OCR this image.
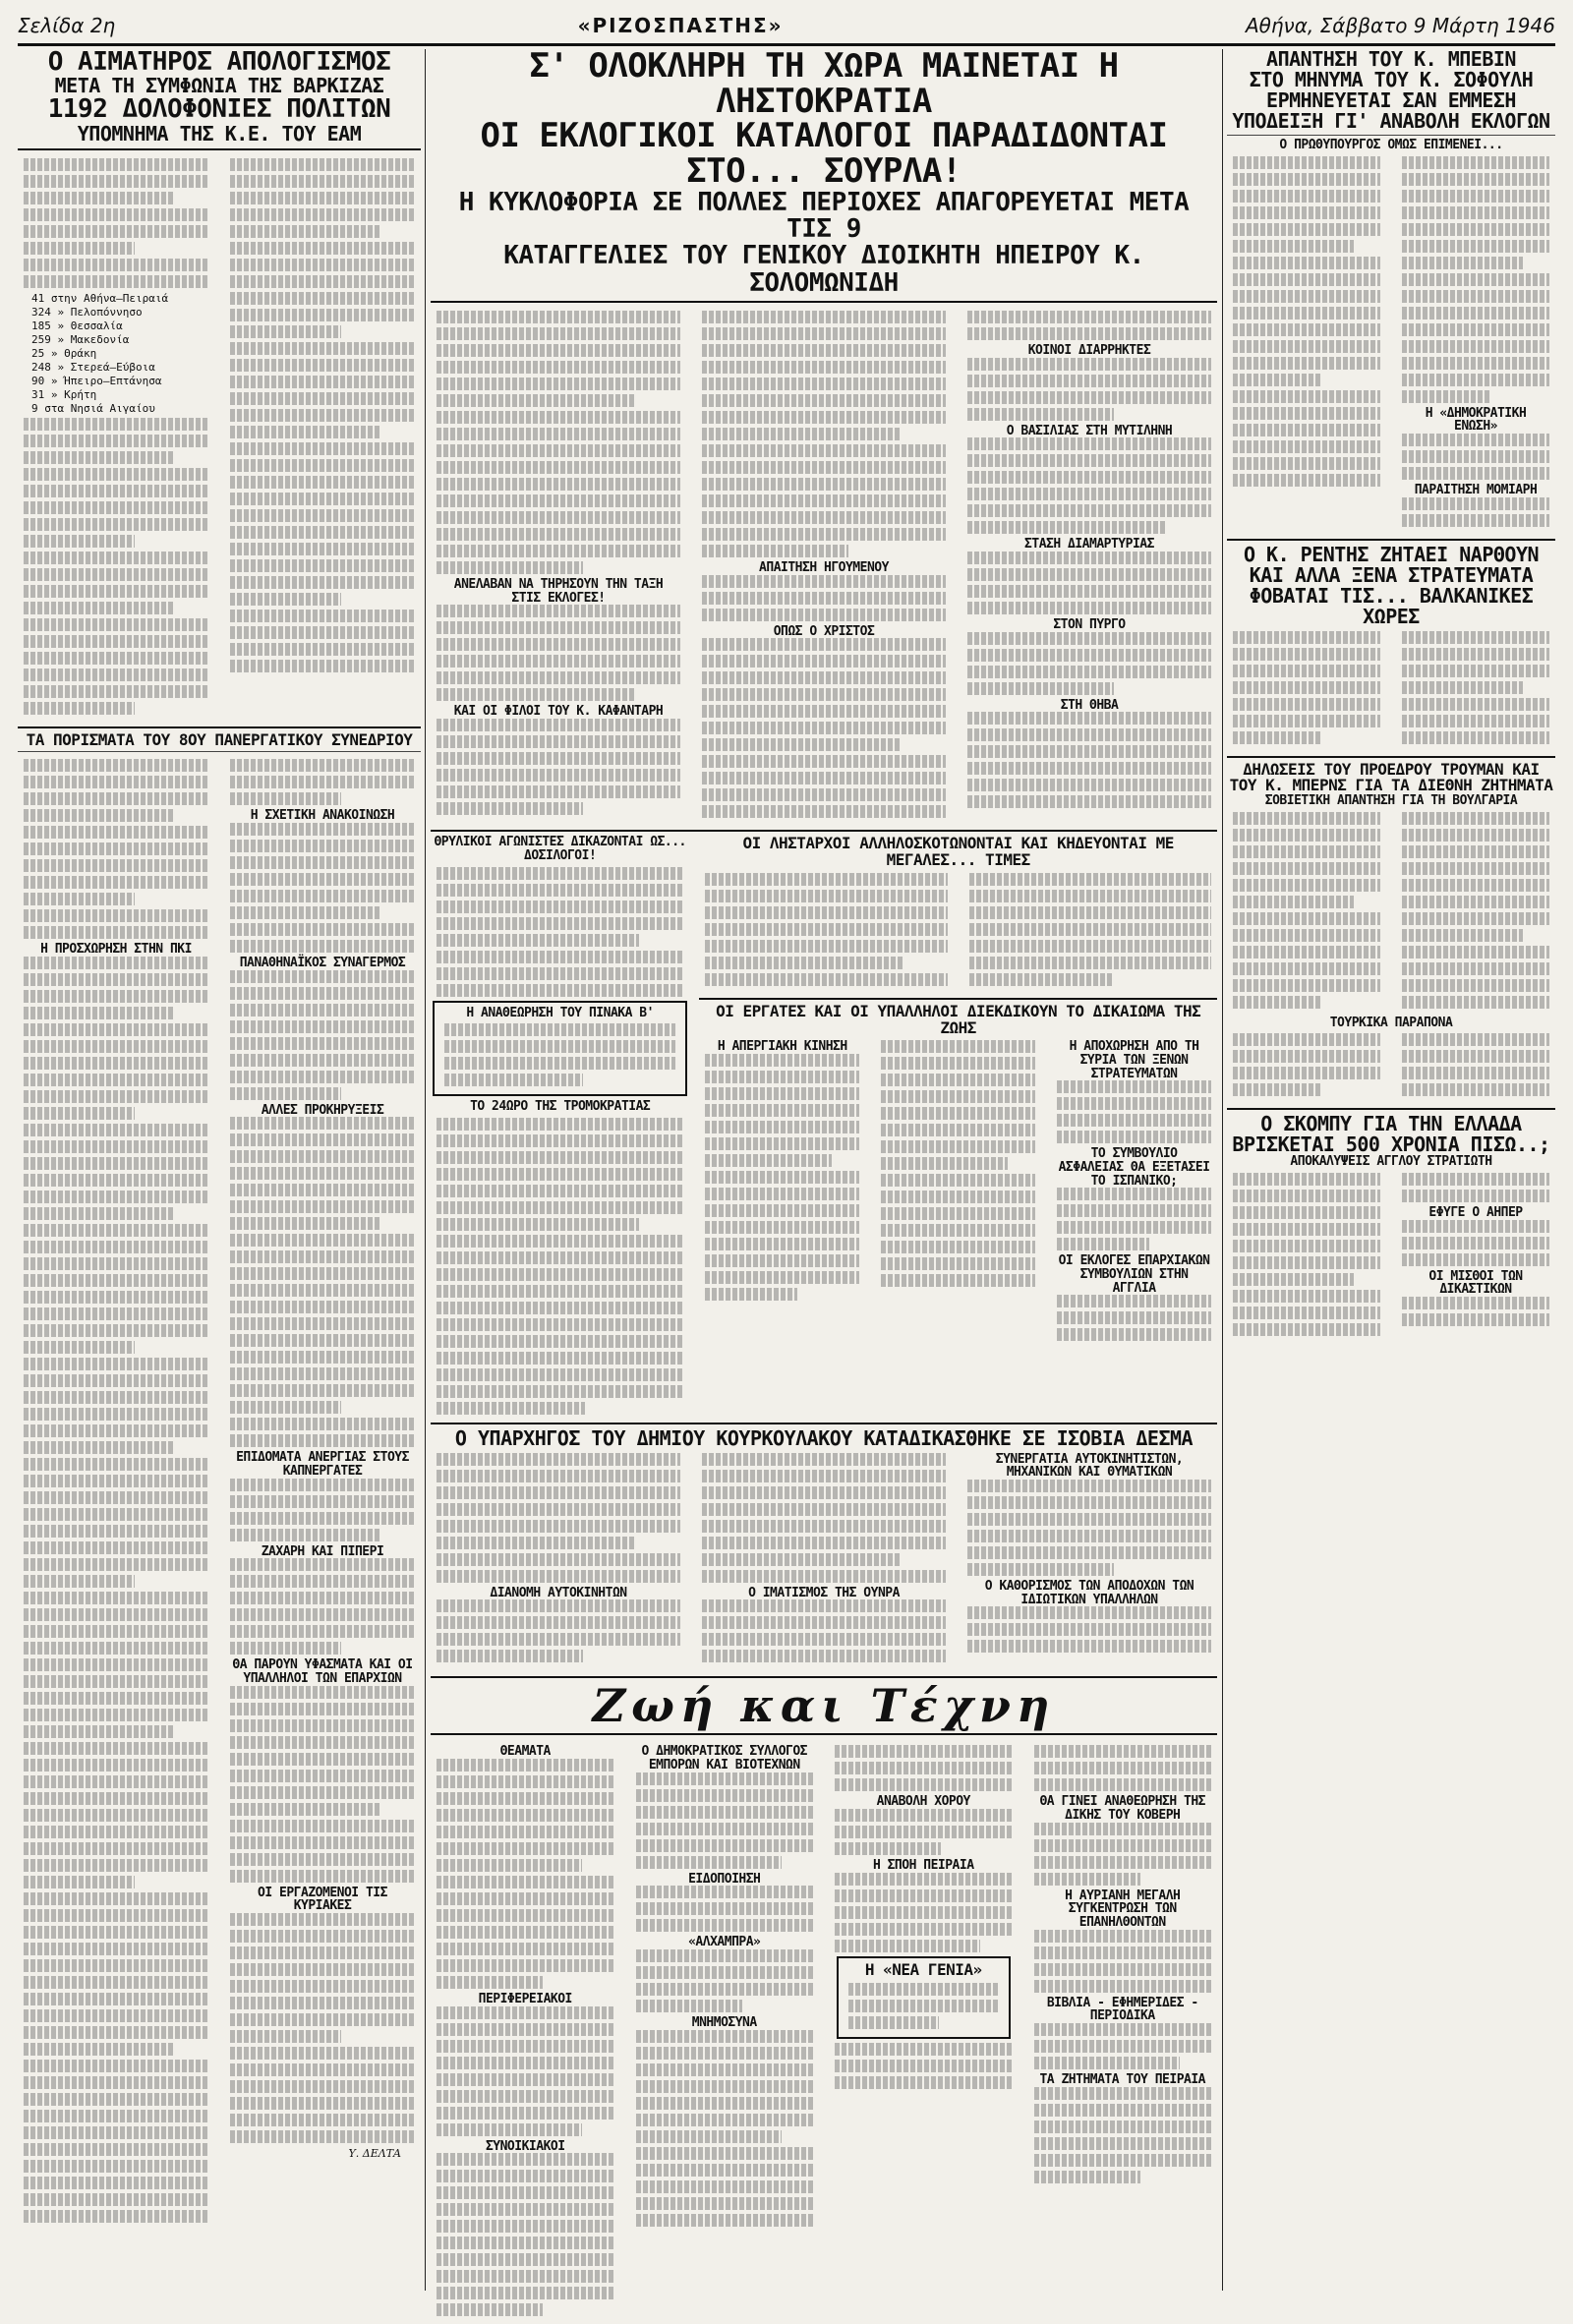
Σελίδα 2η	«ΡΙΖΟΣΠΑΣΤΗΣ»	Αθήνα, Σάββατο 9 Μάρτη 1946
Ο ΑΙΜΑΤΗΡΟΣ ΑΠΟΛΟΓΙΣΜΟΣ
ΜΕΤΑ ΤΗ ΣΥΜΦΩΝΙΑ ΤΗΣ ΒΑΡΚΙΖΑΣ
1192 ΔΟΛΟΦΟΝΙΕΣ ΠΟΛΙΤΩΝ
ΥΠΟΜΝΗΜΑ ΤΗΣ Κ.Ε. ΤΟΥ ΕΑΜ
41 στην Αθήνα—Πειραιά
324 » Πελοπόννησο
185 » Θεσσαλία
259 » Μακεδονία
25 » Θράκη
248 » Στερεά—Εύβοια
90 » Ήπειρο—Επτάνησα
31 » Κρήτη
9 στα Νησιά Αιγαίου
ΤΑ ΠΟΡΙΣΜΑΤΑ ΤΟΥ 8ΟΥ ΠΑΝΕΡΓΑΤΙΚΟΥ ΣΥΝΕΔΡΙΟΥ
Η ΠΡΟΣΧΩΡΗΣΗ ΣΤΗΝ ΠΚΙ
Η ΣΧΕΤΙΚΗ ΑΝΑΚΟΙΝΩΣΗ
ΠΑΝΑΘΗΝΑΪΚΟΣ ΣΥΝΑΓΕΡΜΟΣ
ΑΛΛΕΣ ΠΡΟΚΗΡΥΞΕΙΣ
ΕΠΙΔΟΜΑΤΑ ΑΝΕΡΓΙΑΣ ΣΤΟΥΣ ΚΑΠΝΕΡΓΑΤΕΣ
ΖΑΧΑΡΗ ΚΑΙ ΠΙΠΕΡΙ
ΘΑ ΠΑΡΟΥΝ ΥΦΑΣΜΑΤΑ ΚΑΙ ΟΙ ΥΠΑΛΛΗΛΟΙ ΤΩΝ ΕΠΑΡΧΙΩΝ
ΟΙ ΕΡΓΑΖΟΜΕΝΟΙ ΤΙΣ ΚΥΡΙΑΚΕΣ
Υ. ΔΕΛΤΑ
Σ' ΟΛΟΚΛΗΡΗ ΤΗ ΧΩΡΑ ΜΑΙΝΕΤΑΙ Η ΛΗΣΤΟΚΡΑΤΙΑ
ΟΙ ΕΚΛΟΓΙΚΟΙ ΚΑΤΑΛΟΓΟΙ ΠΑΡΑΔΙΔΟΝΤΑΙ ΣΤΟ... ΣΟΥΡΛΑ!
Η ΚΥΚΛΟΦΟΡΙΑ ΣΕ ΠΟΛΛΕΣ ΠΕΡΙΟΧΕΣ ΑΠΑΓΟΡΕΥΕΤΑΙ ΜΕΤΑ ΤΙΣ 9
ΚΑΤΑΓΓΕΛΙΕΣ ΤΟΥ ΓΕΝΙΚΟΥ ΔΙΟΙΚΗΤΗ ΗΠΕΙΡΟΥ Κ. ΣΟΛΟΜΩΝΙΔΗ
ΑΝΕΛΑΒΑΝ ΝΑ ΤΗΡΗΣΟΥΝ ΤΗΝ ΤΑΞΗ ΣΤΙΣ ΕΚΛΟΓΕΣ!
ΚΑΙ ΟΙ ΦΙΛΟΙ ΤΟΥ Κ. ΚΑΦΑΝΤΑΡΗ
ΑΠΑΙΤΗΣΗ ΗΓΟΥΜΕΝΟΥ
ΟΠΩΣ Ο ΧΡΙΣΤΟΣ
ΚΟΙΝΟΙ ΔΙΑΡΡΗΚΤΕΣ
Ο ΒΑΣΙΛΙΑΣ ΣΤΗ ΜΥΤΙΛΗΝΗ
ΣΤΑΣΗ ΔΙΑΜΑΡΤΥΡΙΑΣ
ΣΤΟΝ ΠΥΡΓΟ
ΣΤΗ ΘΗΒΑ
ΘΡΥΛΙΚΟΙ ΑΓΩΝΙΣΤΕΣ ΔΙΚΑΖΟΝΤΑΙ ΩΣ... ΔΟΣΙΛΟΓΟΙ!
Η ΑΝΑΘΕΩΡΗΣΗ ΤΟΥ ΠΙΝΑΚΑ Β'
ΤΟ 24ΩΡΟ ΤΗΣ ΤΡΟΜΟΚΡΑΤΙΑΣ
ΟΙ ΛΗΣΤΑΡΧΟΙ ΑΛΛΗΛΟΣΚΟΤΩΝΟΝΤΑΙ ΚΑΙ ΚΗΔΕΥΟΝΤΑΙ ΜΕ ΜΕΓΑΛΕΣ... ΤΙΜΕΣ
ΟΙ ΕΡΓΑΤΕΣ ΚΑΙ ΟΙ ΥΠΑΛΛΗΛΟΙ ΔΙΕΚΔΙΚΟΥΝ ΤΟ ΔΙΚΑΙΩΜΑ ΤΗΣ ΖΩΗΣ
Η ΑΠΕΡΓΙΑΚΗ ΚΙΝΗΣΗ	Η ΑΠΟΧΩΡΗΣΗ ΑΠΟ ΤΗ ΣΥΡΙΑ ΤΩΝ ΞΕΝΩΝ ΣΤΡΑΤΕΥΜΑΤΩΝ
ΤΟ ΣΥΜΒΟΥΛΙΟ ΑΣΦΑΛΕΙΑΣ ΘΑ ΕΞΕΤΑΣΕΙ ΤΟ ΙΣΠΑΝΙΚΟ;
ΟΙ ΕΚΛΟΓΕΣ ΕΠΑΡΧΙΑΚΩΝ ΣΥΜΒΟΥΛΙΩΝ ΣΤΗΝ ΑΓΓΛΙΑ
Ο ΥΠΑΡΧΗΓΟΣ ΤΟΥ ΔΗΜΙΟΥ ΚΟΥΡΚΟΥΛΑΚΟΥ ΚΑΤΑΔΙΚΑΣΘΗΚΕ ΣΕ ΙΣΟΒΙΑ ΔΕΣΜΑ
ΔΙΑΝΟΜΗ ΑΥΤΟΚΙΝΗΤΩΝ	Ο ΙΜΑΤΙΣΜΟΣ ΤΗΣ ΟΥΝΡΑ
ΣΥΝΕΡΓΑΤΙΑ ΑΥΤΟΚΙΝΗΤΙΣΤΩΝ, ΜΗΧΑΝΙΚΩΝ ΚΑΙ ΘΥΜΑΤΙΚΩΝ
Ο ΚΑΘΟΡΙΣΜΟΣ ΤΩΝ ΑΠΟΔΟΧΩΝ ΤΩΝ ΙΔΙΩΤΙΚΩΝ ΥΠΑΛΛΗΛΩΝ
Ζωή και Τέχνη
ΘΕΑΜΑΤΑ
ΠΕΡΙΦΕΡΕΙΑΚΟΙ
ΣΥΝΟΙΚΙΑΚΟΙ
Ο ΔΗΜΟΚΡΑΤΙΚΟΣ ΣΥΛΛΟΓΟΣ ΕΜΠΟΡΩΝ ΚΑΙ ΒΙΟΤΕΧΝΩΝ
ΕΙΔΟΠΟΙΗΣΗ
«ΑΛΧΑΜΠΡΑ»
ΜΝΗΜΟΣΥΝΑ
ΑΝΑΒΟΛΗ ΧΟΡΟΥ
Η ΣΠΟΗ ΠΕΙΡΑΙΑ
Η «ΝΕΑ ΓΕΝΙΑ»
ΘΑ ΓΙΝΕΙ ΑΝΑΘΕΩΡΗΣΗ ΤΗΣ ΔΙΚΗΣ ΤΟΥ ΚΟΒΕΡΗ
Η ΑΥΡΙΑΝΗ ΜΕΓΑΛΗ ΣΥΓΚΕΝΤΡΩΣΗ ΤΩΝ ΕΠΑΝΗΛΘΟΝΤΩΝ
ΒΙΒΛΙΑ - ΕΦΗΜΕΡΙΔΕΣ - ΠΕΡΙΟΔΙΚΑ
ΤΑ ΖΗΤΗΜΑΤΑ ΤΟΥ ΠΕΙΡΑΙΑ
ΑΠΑΝΤΗΣΗ ΤΟΥ Κ. ΜΠΕΒΙΝ
ΣΤΟ ΜΗΝΥΜΑ ΤΟΥ Κ. ΣΟΦΟΥΛΗ
ΕΡΜΗΝΕΥΕΤΑΙ ΣΑΝ ΕΜΜΕΣΗ
ΥΠΟΔΕΙΞΗ ΓΙ' ΑΝΑΒΟΛΗ ΕΚΛΟΓΩΝ
Ο ΠΡΩΘΥΠΟΥΡΓΟΣ ΟΜΩΣ ΕΠΙΜΕΝΕΙ...
Η «ΔΗΜΟΚΡΑΤΙΚΗ ΕΝΩΣΗ»
ΠΑΡΑΙΤΗΣΗ ΜΟΜΙΑΡΗ
Ο Κ. ΡΕΝΤΗΣ ΖΗΤΑΕΙ ΝΑΡΘΟΥΝ ΚΑΙ ΑΛΛΑ ΞΕΝΑ ΣΤΡΑΤΕΥΜΑΤΑ
ΦΟΒΑΤΑΙ ΤΙΣ... ΒΑΛΚΑΝΙΚΕΣ ΧΩΡΕΣ
ΔΗΛΩΣΕΙΣ ΤΟΥ ΠΡΟΕΔΡΟΥ ΤΡΟΥΜΑΝ ΚΑΙ ΤΟΥ Κ. ΜΠΕΡΝΣ ΓΙΑ ΤΑ ΔΙΕΘΝΗ ΖΗΤΗΜΑΤΑ
ΣΟΒΙΕΤΙΚΗ ΑΠΑΝΤΗΣΗ ΓΙΑ ΤΗ ΒΟΥΛΓΑΡΙΑ
ΤΟΥΡΚΙΚΑ ΠΑΡΑΠΟΝΑ
Ο ΣΚΟΜΠΥ ΓΙΑ ΤΗΝ ΕΛΛΑΔΑ
ΒΡΙΣΚΕΤΑΙ 500 ΧΡΟΝΙΑ ΠΙΣΩ..;
ΑΠΟΚΑΛΥΨΕΙΣ ΑΓΓΛΟΥ ΣΤΡΑΤΙΩΤΗ
ΕΦΥΓΕ Ο ΑΗΠΕΡ
ΟΙ ΜΙΣΘΟΙ ΤΩΝ ΔΙΚΑΣΤΙΚΩΝ
